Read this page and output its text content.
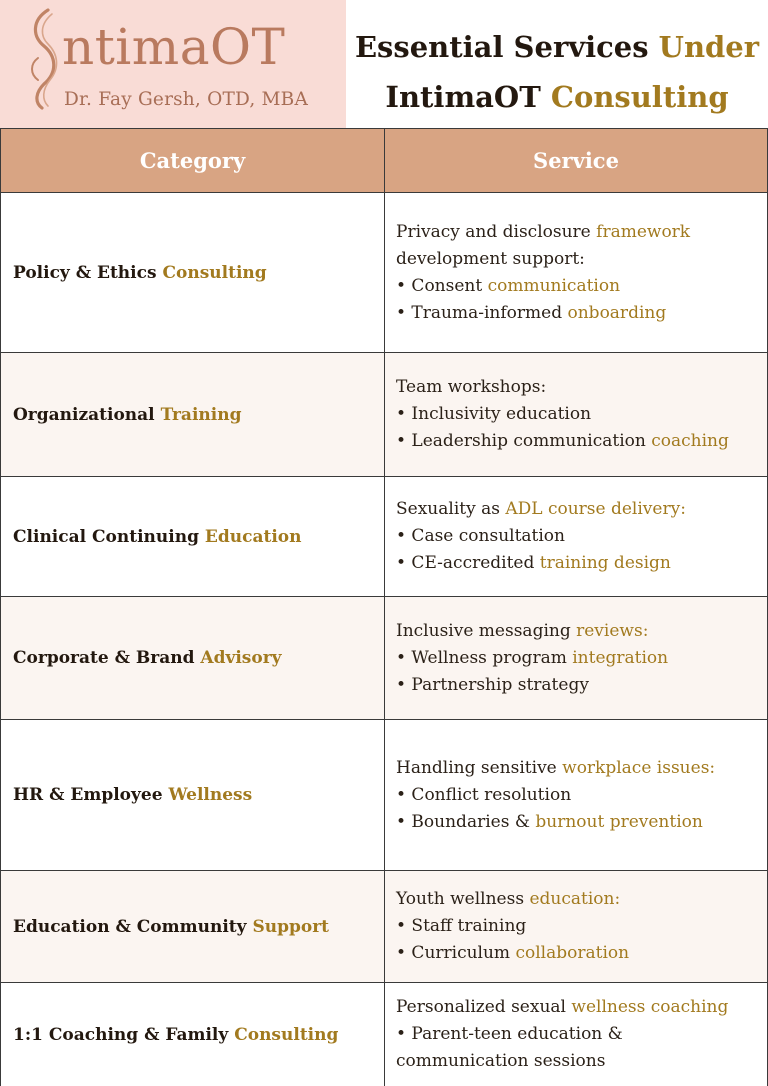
ntimaOT
Dr. Fay Gersh, OTD, MBA
Essential Services Under
IntimaOT Consulting
Category	Service
Policy & Ethics Consulting	Privacy and disclosure framework
development support:
• Consent communication
• Trauma-informed onboarding

Organizational Training	Team workshops:
• Inclusivity education
• Leadership communication coaching

Clinical Continuing Education	Sexuality as ADL course delivery:
• Case consultation
• CE-accredited training design

Corporate & Brand Advisory	Inclusive messaging reviews:
• Wellness program integration
• Partnership strategy

HR & Employee Wellness	Handling sensitive workplace issues:
• Conflict resolution
• Boundaries & burnout prevention

Education & Community Support	Youth wellness education:
• Staff training
• Curriculum collaboration

1:1 Coaching & Family Consulting	Personalized sexual wellness coaching
• Parent-teen education &
communication sessions
